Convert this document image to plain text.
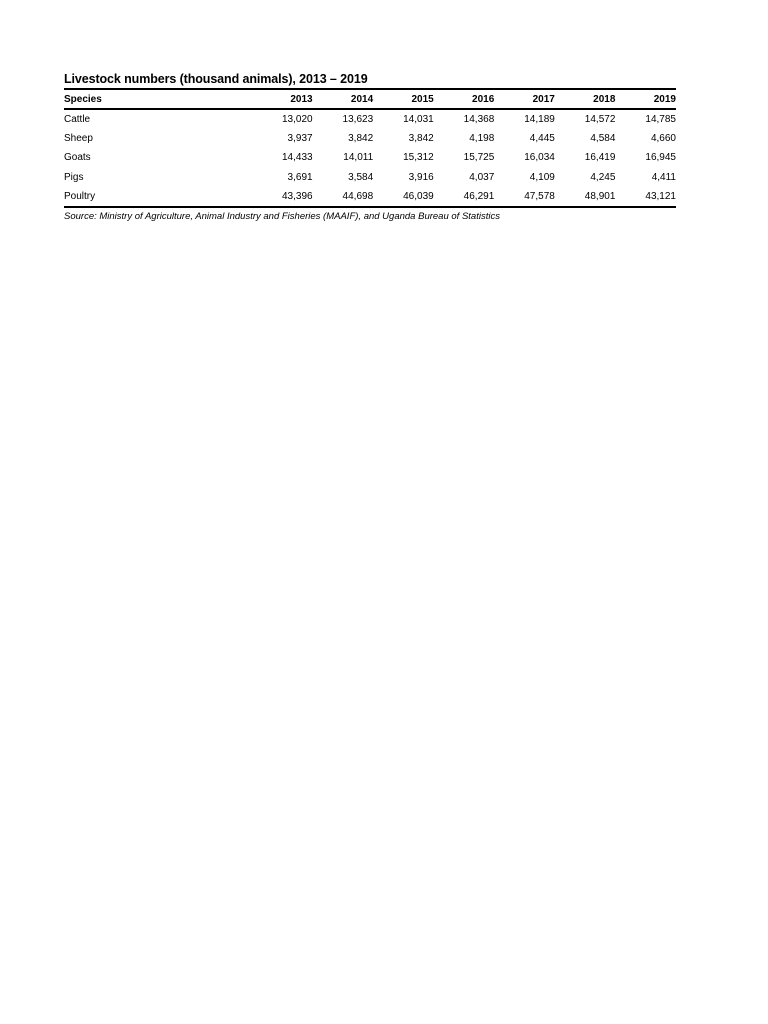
Livestock numbers (thousand animals), 2013 – 2019
Species	2013	2014	2015	2016	2017	2018	2019
Cattle	13,020	13,623	14,031	14,368	14,189	14,572	14,785
Sheep	3,937	3,842	3,842	4,198	4,445	4,584	4,660
Goats	14,433	14,011	15,312	15,725	16,034	16,419	16,945
Pigs	3,691	3,584	3,916	4,037	4,109	4,245	4,411
Poultry	43,396	44,698	46,039	46,291	47,578	48,901	43,121
Source: Ministry of Agriculture, Animal Industry and Fisheries (MAAIF), and Uganda Bureau of Statistics
